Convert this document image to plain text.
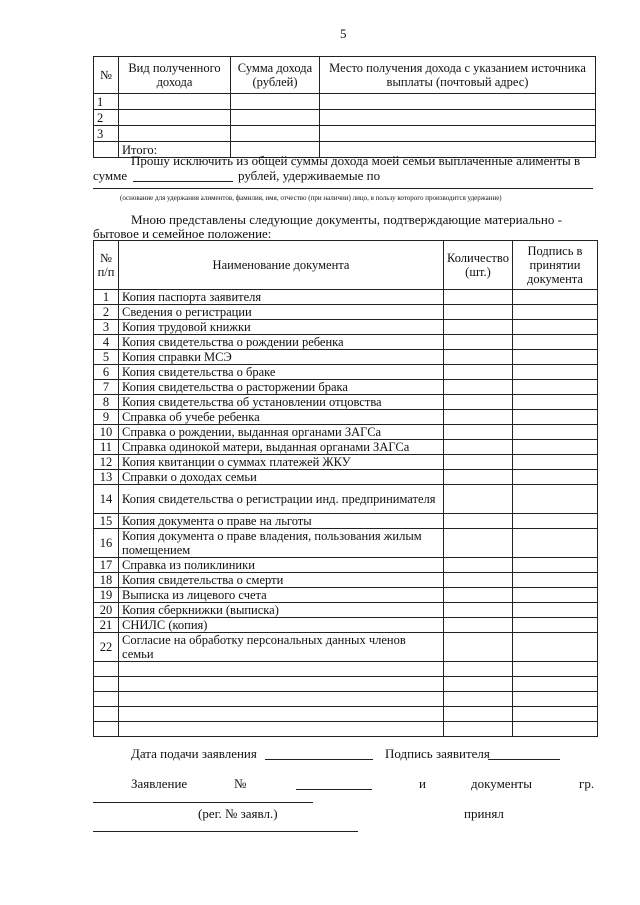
5
№	Вид полученного дохода	Сумма дохода (рублей)	Место получения дохода с указанием источника выплаты (почтовый адрес)
1			
2			
3			
	Итого:		
Прошу исключить из общей суммы дохода моей семьи выплаченные алименты в
сумме	рублей, удерживаемые по
(основание для удержания алиментов, фамилия, имя, отчество (при наличии) лицо, в пользу которого производится удержание)
Мною представлены следующие документы, подтверждающие материально -
бытовое и семейное положение:
№ п/п	Наименование документа	Количество (шт.)	Подпись в принятии документа
1	Копия паспорта заявителя		
2	Сведения о регистрации		
3	Копия трудовой книжки		
4	Копия свидетельства о рождении ребенка		
5	Копия справки МСЭ		
6	Копия свидетельства о браке		
7	Копия свидетельства о расторжении брака		
8	Копия свидетельства об установлении отцовства		
9	Справка об учебе ребенка		
10	Справка о рождении, выданная органами ЗАГСа		
11	Справка одинокой матери, выданная органами ЗАГСа		
12	Копия квитанции о суммах платежей ЖКУ		
13	Справки о доходах семьи		
14	Копия свидетельства о регистрации инд. предпринимателя		
15	Копия документа о праве на льготы		
16	Копия документа о праве владения, пользования жилым помещением		
17	Справка из поликлиники		
18	Копия свидетельства о смерти		
19	Выписка из лицевого счета		
20	Копия сберкнижки (выписка)		
21	СНИЛС (копия)		
22	Согласие на обработку персональных данных членов семьи		

Дата подачи заявления	Подпись заявителя
Заявление	№	и	документы	гр.
(рег. № заявл.)	принял
